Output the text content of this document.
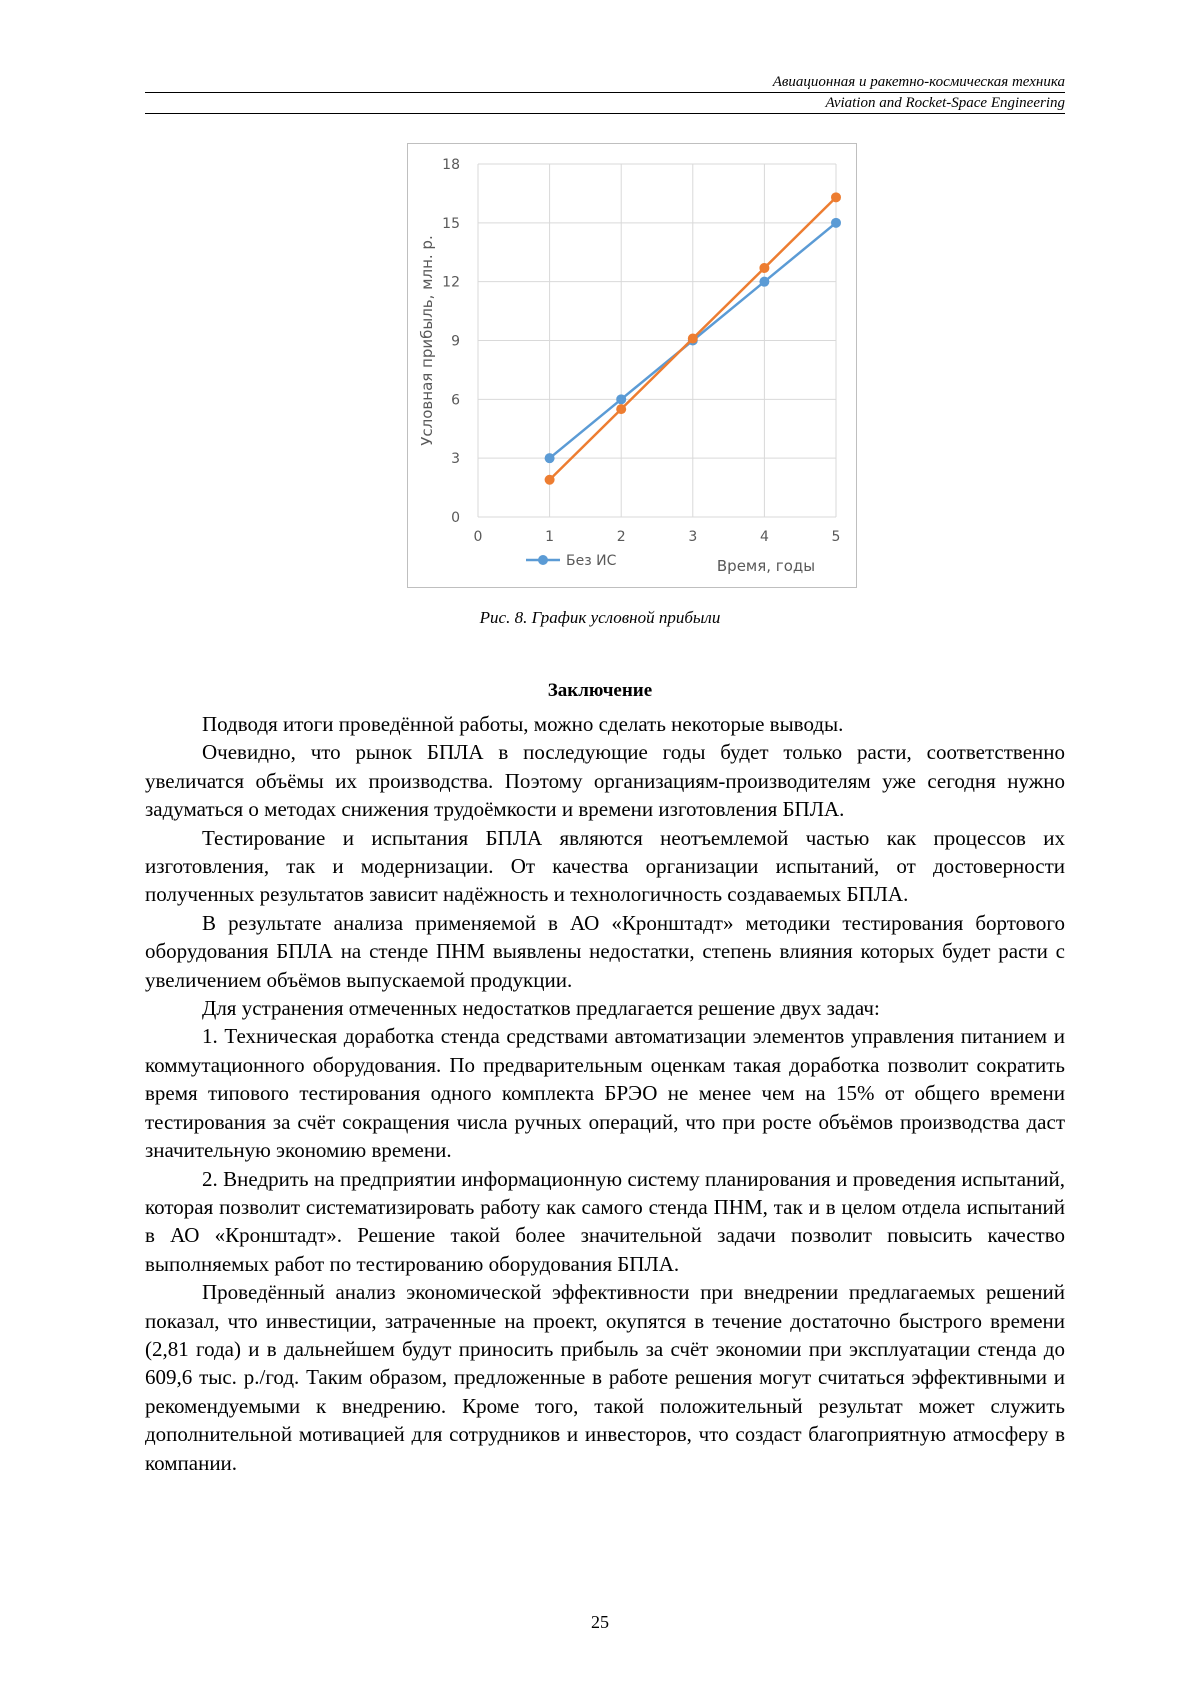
Авиационная и ракетно-космическая техника
Aviation and Rocket-Space Engineering
0
3
6
9
12
15
18
0	1	2	3	4	5
Условная прибыль, млн. р.
Время, годы
Без ИС
Рис. 8. График условной прибыли
Заключение

Подводя итоги проведённой работы, можно сделать некоторые выводы.

Очевидно, что рынок БПЛА в последующие годы будет только расти, соответственно увеличатся объёмы их производства. Поэтому организациям-производителям уже сегодня нужно задуматься о методах снижения трудоёмкости и времени изготовления БПЛА.

Тестирование и испытания БПЛА являются неотъемлемой частью как процессов их изготовления, так и модернизации. От качества организации испытаний, от достоверности полученных результатов зависит надёжность и технологичность создаваемых БПЛА.

В результате анализа применяемой в АО «Кронштадт» методики тестирования бортового оборудования БПЛА на стенде ПНМ выявлены недостатки, степень влияния которых будет расти с увеличением объёмов выпускаемой продукции.

Для устранения отмеченных недостатков предлагается решение двух задач:

1. Техническая доработка стенда средствами автоматизации элементов управления питанием и коммутационного оборудования. По предварительным оценкам такая доработка позволит сократить время типового тестирования одного комплекта БРЭО не менее чем на 15% от общего времени тестирования за счёт сокращения числа ручных операций, что при росте объёмов производства даст значительную экономию времени.

2. Внедрить на предприятии информационную систему планирования и проведения испытаний, которая позволит систематизировать работу как самого стенда ПНМ, так и в целом отдела испытаний в АО «Кронштадт». Решение такой более значительной задачи позволит повысить качество выполняемых работ по тестированию оборудования БПЛА.

Проведённый анализ экономической эффективности при внедрении предлагаемых решений показал, что инвестиции, затраченные на проект, окупятся в течение достаточно быстрого времени (2,81 года) и в дальнейшем будут приносить прибыль за счёт экономии при эксплуатации стенда до 609,6 тыс. р./год. Таким образом, предложенные в работе решения могут считаться эффективными и рекомендуемыми к внедрению. Кроме того, такой положительный результат может служить дополнительной мотивацией для сотрудников и инвесторов, что создаст благоприятную атмосферу в компании.

25
